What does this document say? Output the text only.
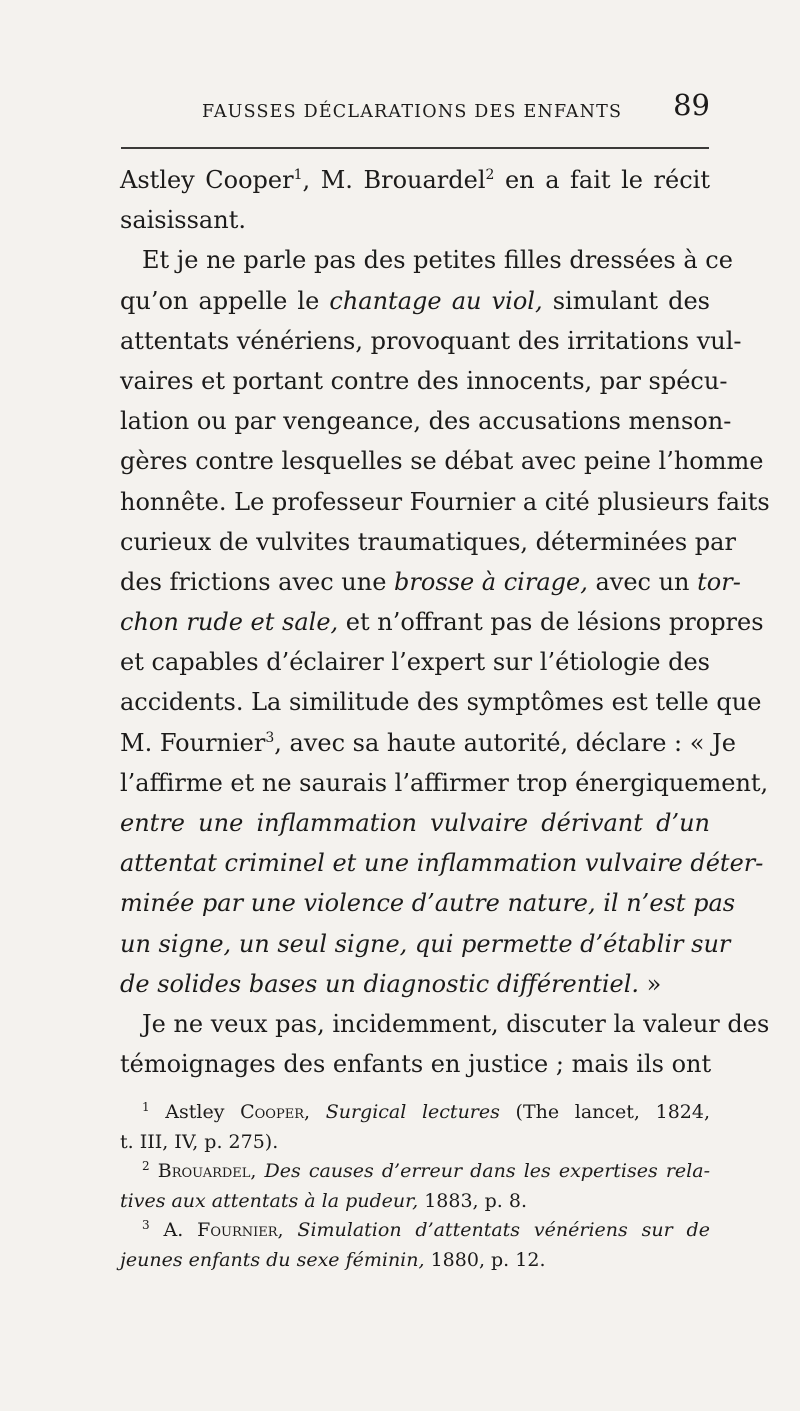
FAUSSES DÉCLARATIONS DES ENFANTS 89
Astley Cooper$^1$, M. Brouardel$^2$ en a fait le récit
saisissant.
Et je ne parle pas des petites filles dressées à ce
qu’on appelle le chantage au viol, simulant des
attentats vénériens, provoquant des irritations vul-
vaires et portant contre des innocents, par spécu-
lation ou par vengeance, des accusations menson-
gères contre lesquelles se débat avec peine l’homme
honnête. Le professeur Fournier a cité plusieurs faits
curieux de vulvites traumatiques, déterminées par
des frictions avec une brosse à cirage, avec un tor-
chon rude et sale, et n’offrant pas de lésions propres
et capables d’éclairer l’expert sur l’étiologie des
accidents. La similitude des symptômes est telle que
M. Fournier$^3$, avec sa haute autorité, déclare : « Je
l’affirme et ne saurais l’affirmer trop énergiquement,
entre une inflammation vulvaire dérivant d’un
attentat criminel et une inflammation vulvaire déter-
minée par une violence d’autre nature, il n’est pas
un signe, un seul signe, qui permette d’établir sur
de solides bases un diagnostic différentiel. »
Je ne veux pas, incidemment, discuter la valeur des
témoignages des enfants en justice ; mais ils ont
$^1$ Astley Cooper, Surgical lectures (The lancet, 1824,
t. III, IV, p. 275).
$^2$ Brouardel, Des causes d’erreur dans les expertises rela-
tives aux attentats à la pudeur, 1883, p. 8.
$^3$ A. Fournier, Simulation d’attentats vénériens sur de
jeunes enfants du sexe féminin, 1880, p. 12.
